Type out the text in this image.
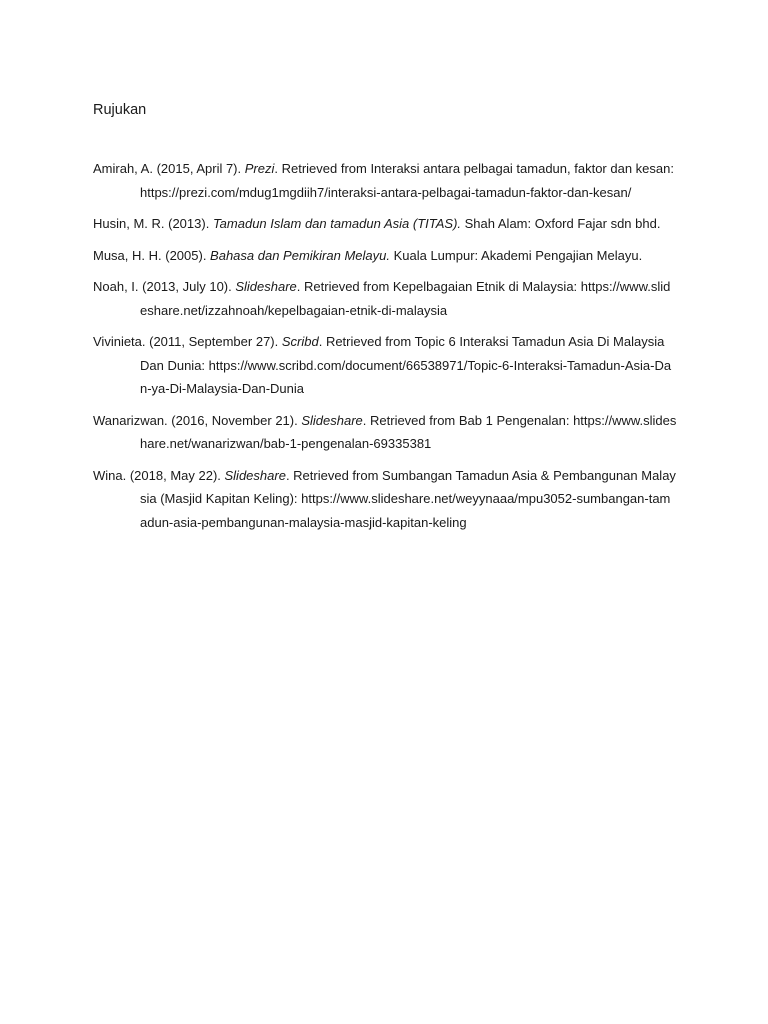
Rujukan
Amirah, A. (2015, April 7). Prezi. Retrieved from Interaksi antara pelbagai tamadun, faktor dan kesan: https://prezi.com/mdug1mgdiih7/interaksi-antara-pelbagai-tamadun-faktor-dan-kesan/
Husin, M. R. (2013). Tamadun Islam dan tamadun Asia (TITAS). Shah Alam: Oxford Fajar sdn bhd.
Musa, H. H. (2005). Bahasa dan Pemikiran Melayu. Kuala Lumpur: Akademi Pengajian Melayu.
Noah, I. (2013, July 10). Slideshare. Retrieved from Kepelbagaian Etnik di Malaysia: https://www.slideshare.net/izzahnoah/kepelbagaian-etnik-di-malaysia
Vivinieta. (2011, September 27). Scribd. Retrieved from Topic 6 Interaksi Tamadun Asia Di Malaysia Dan Dunia: https://www.scribd.com/document/66538971/Topic-6-Interaksi-Tamadun-Asia-Dan-ya-Di-Malaysia-Dan-Dunia
Wanarizwan. (2016, November 21). Slideshare. Retrieved from Bab 1 Pengenalan: https://www.slideshare.net/wanarizwan/bab-1-pengenalan-69335381
Wina. (2018, May 22). Slideshare. Retrieved from Sumbangan Tamadun Asia & Pembangunan Malaysia (Masjid Kapitan Keling): https://www.slideshare.net/weyynaaa/mpu3052-sumbangan-tamadun-asia-pembangunan-malaysia-masjid-kapitan-keling
